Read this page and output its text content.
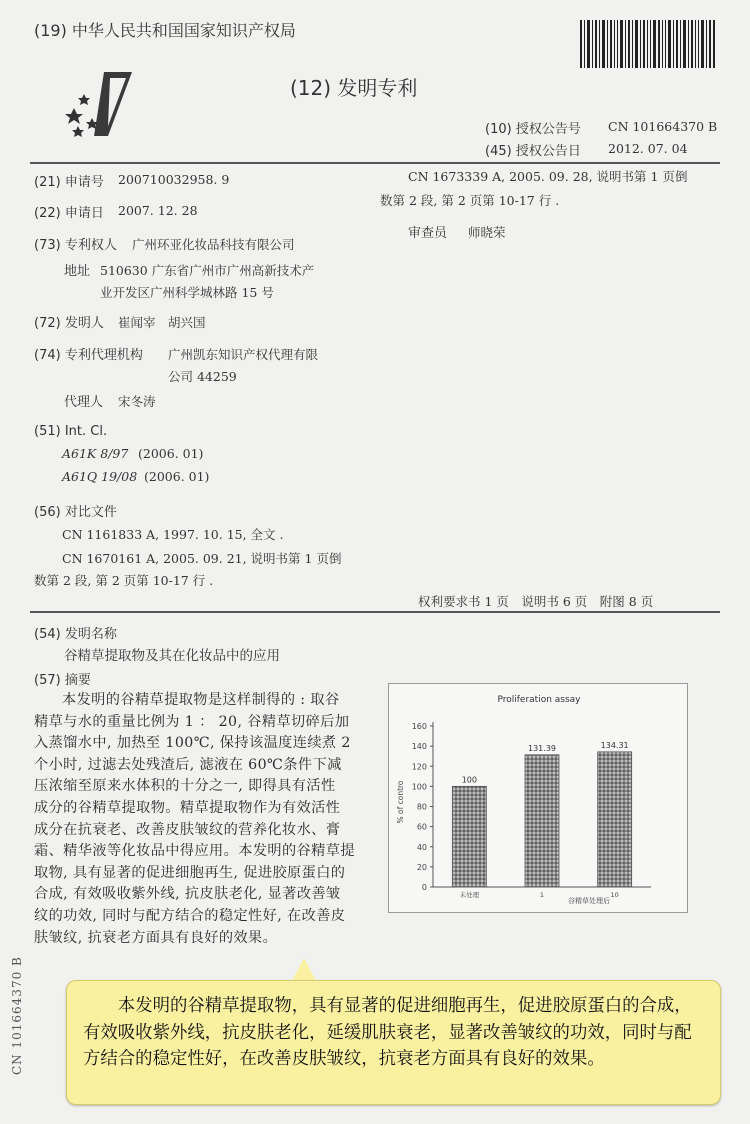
(19) 中华人民共和国国家知识产权局
(12) 发明专利
(10) 授权公告号 CN 101664370 B
(45) 授权公告日 2012. 07. 04
(21) 申请号 200710032958. 9
(22) 申请日 2007. 12. 28
(73) 专利权人 广州环亚化妆品科技有限公司
地址 510630 广东省广州市广州高新技术产
业开发区广州科学城林路 15 号
(72) 发明人 崔闻宰　胡兴国
(74) 专利代理机构 广州凯东知识产权代理有限
公司 44259
代理人 宋冬涛
(51) Int. Cl.
A61K 8/97 (2006. 01)
A61Q 19/08 (2006. 01)
(56) 对比文件
CN 1161833 A, 1997. 10. 15, 全文 .
CN 1670161 A, 2005. 09. 21, 说明书第 1 页倒
数第 2 段, 第 2 页第 10-17 行 .
CN 1673339 A, 2005. 09. 28, 说明书第 1 页倒
数第 2 段, 第 2 页第 10-17 行 .
审查员 师晓荣
权利要求书 1 页　说明书 6 页　附图 8 页
(54) 发明名称
谷精草提取物及其在化妆品中的应用
(57) 摘要

本发明的谷精草提取物是这样制得的 : 取谷

精草与水的重量比例为 1 ： 20, 谷精草切碎后加

入蒸馏水中, 加热至 100℃, 保持该温度连续煮 2

个小时, 过滤去处残渣后, 滤液在 60℃条件下减

压浓缩至原来水体积的十分之一, 即得具有活性

成分的谷精草提取物。精草提取物作为有效活性

成分在抗衰老、改善皮肤皱纹的营养化妆水、膏

霜、精华液等化妆品中得应用。本发明的谷精草提

取物, 具有显著的促进细胞再生, 促进胶原蛋白的

合成, 有效吸收紫外线, 抗皮肤老化, 显著改善皱

纹的功效, 同时与配方结合的稳定性好, 在改善皮

肤皱纹, 抗衰老方面具有良好的效果。

Proliferation assay
% of contro
谷精草处理后
0
20
40
60
80
100
120
140
160
100
未处理
131.39
1
134.31
10
CN 101664370 B	本发明的谷精草提取物，具有显著的促进细胞再生，促进胶原蛋白的合成，有效吸收紫外线，抗皮肤老化，延缓肌肤衰老，显著改善皱纹的功效，同时与配方结合的稳定性好，在改善皮肤皱纹，抗衰老方面具有良好的效果。
